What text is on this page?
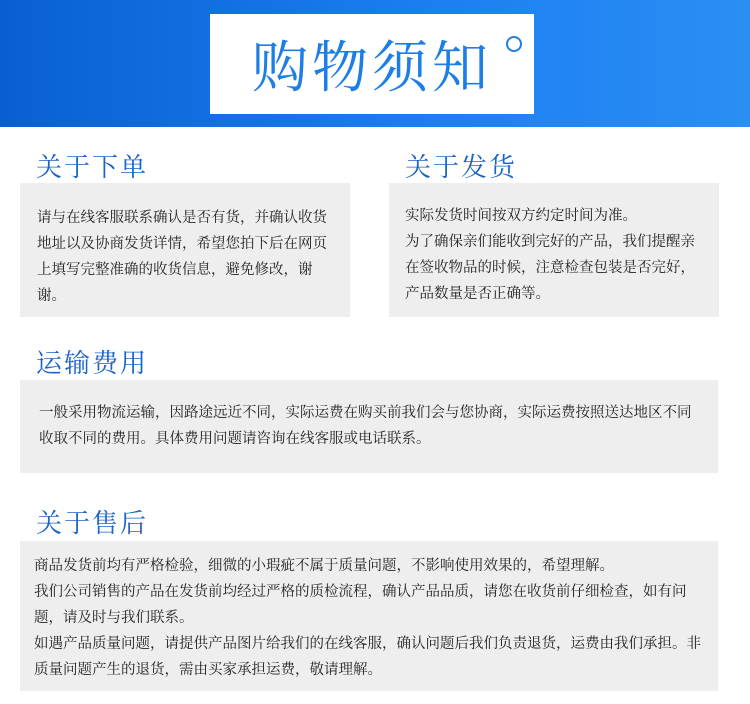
购物须知
关于下单

请与在线客服联系确认是否有货，并确认收货地址以及协商发货详情，希望您拍下后在网页上填写完整准确的收货信息，避免修改，谢谢。

关于发货

实际发货时间按双方约定时间为准。

为了确保亲们能收到完好的产品，我们提醒亲在签收物品的时候，注意检查包装是否完好，产品数量是否正确等。

运输费用

一般采用物流运输，因路途远近不同，实际运费在购买前我们会与您协商，实际运费按照送达地区不同收取不同的费用。具体费用问题请咨询在线客服或电话联系。

关于售后

商品发货前均有严格检验，细微的小瑕疵不属于质量问题，不影响使用效果的，希望理解。

我们公司销售的产品在发货前均经过严格的质检流程，确认产品品质，请您在收货前仔细检查，如有问题，请及时与我们联系。

如遇产品质量问题，请提供产品图片给我们的在线客服，确认问题后我们负责退货，运费由我们承担。非质量问题产生的退货，需由买家承担运费，敬请理解。
